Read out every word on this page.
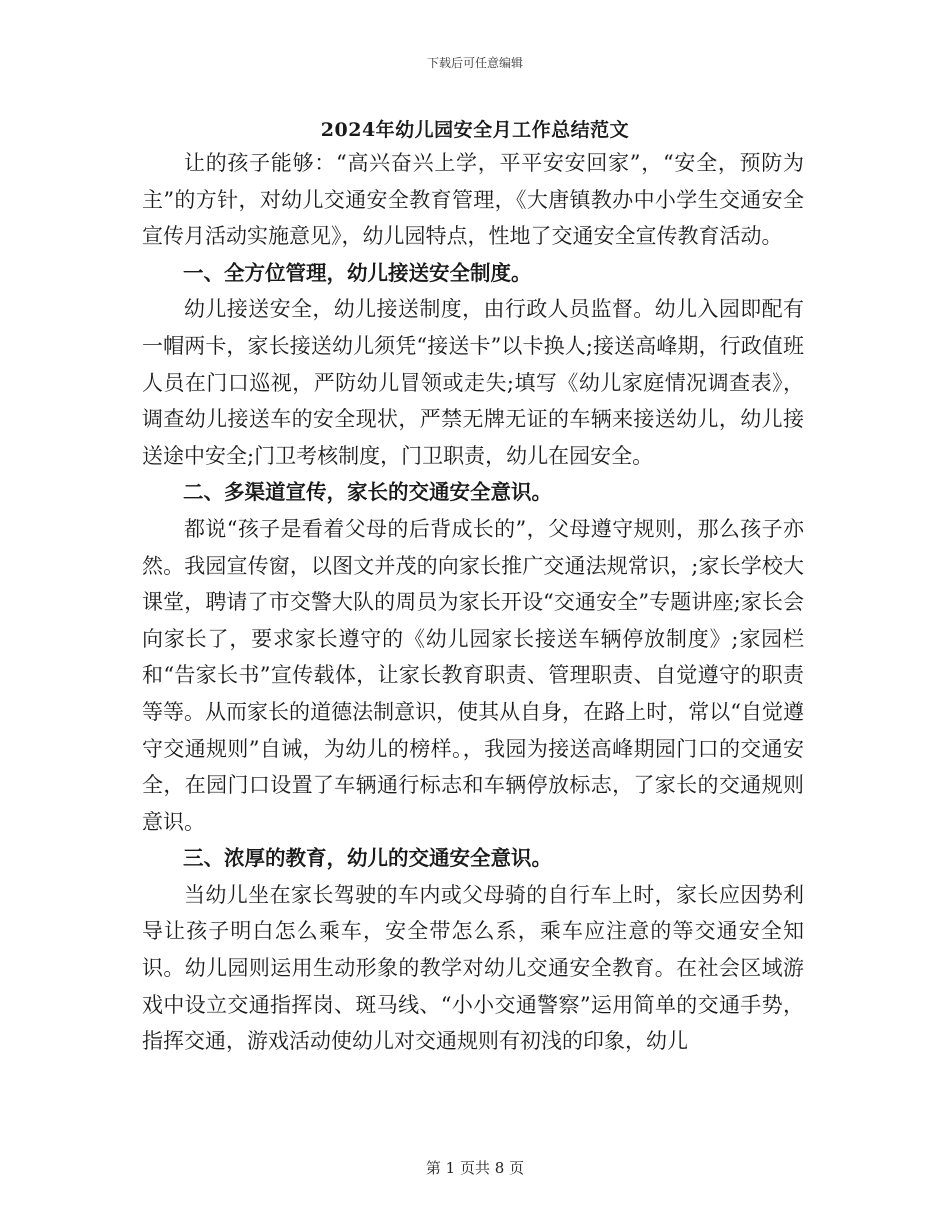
下载后可任意编辑
2024年幼儿园安全月工作总结范文

让的孩子能够：“高兴奋兴上学，平平安安回家”，“安全，预防为主”的方针，对幼儿交通安全教育管理，《大唐镇教办中小学生交通安全宣传月活动实施意见》，幼儿园特点，性地了交通安全宣传教育活动。

一、全方位管理，幼儿接送安全制度。

幼儿接送安全，幼儿接送制度，由行政人员监督。幼儿入园即配有一帽两卡，家长接送幼儿须凭“接送卡”以卡换人;接送高峰期，行政值班人员在门口巡视，严防幼儿冒领或走失;填写《幼儿家庭情况调查表》，调查幼儿接送车的安全现状，严禁无牌无证的车辆来接送幼儿，幼儿接送途中安全;门卫考核制度，门卫职责，幼儿在园安全。

二、多渠道宣传，家长的交通安全意识。

都说“孩子是看着父母的后背成长的”，父母遵守规则，那么孩子亦然。我园宣传窗，以图文并茂的向家长推广交通法规常识，;家长学校大课堂，聘请了市交警大队的周员为家长开设“交通安全”专题讲座;家长会向家长了，要求家长遵守的《幼儿园家长接送车辆停放制度》;家园栏和“告家长书”宣传载体，让家长教育职责、管理职责、自觉遵守的职责等等。从而家长的道德法制意识，使其从自身，在路上时，常以“自觉遵守交通规则”自诫，为幼儿的榜样。，我园为接送高峰期园门口的交通安全，在园门口设置了车辆通行标志和车辆停放标志，了家长的交通规则意识。

三、浓厚的教育，幼儿的交通安全意识。

当幼儿坐在家长驾驶的车内或父母骑的自行车上时，家长应因势利导让孩子明白怎么乘车，安全带怎么系，乘车应注意的等交通安全知识。幼儿园则运用生动形象的教学对幼儿交通安全教育。在社会区域游戏中设立交通指挥岗、斑马线、“小小交通警察”运用简单的交通手势，指挥交通，游戏活动使幼儿对交通规则有初浅的印象，幼儿

第 1 页共 8 页
